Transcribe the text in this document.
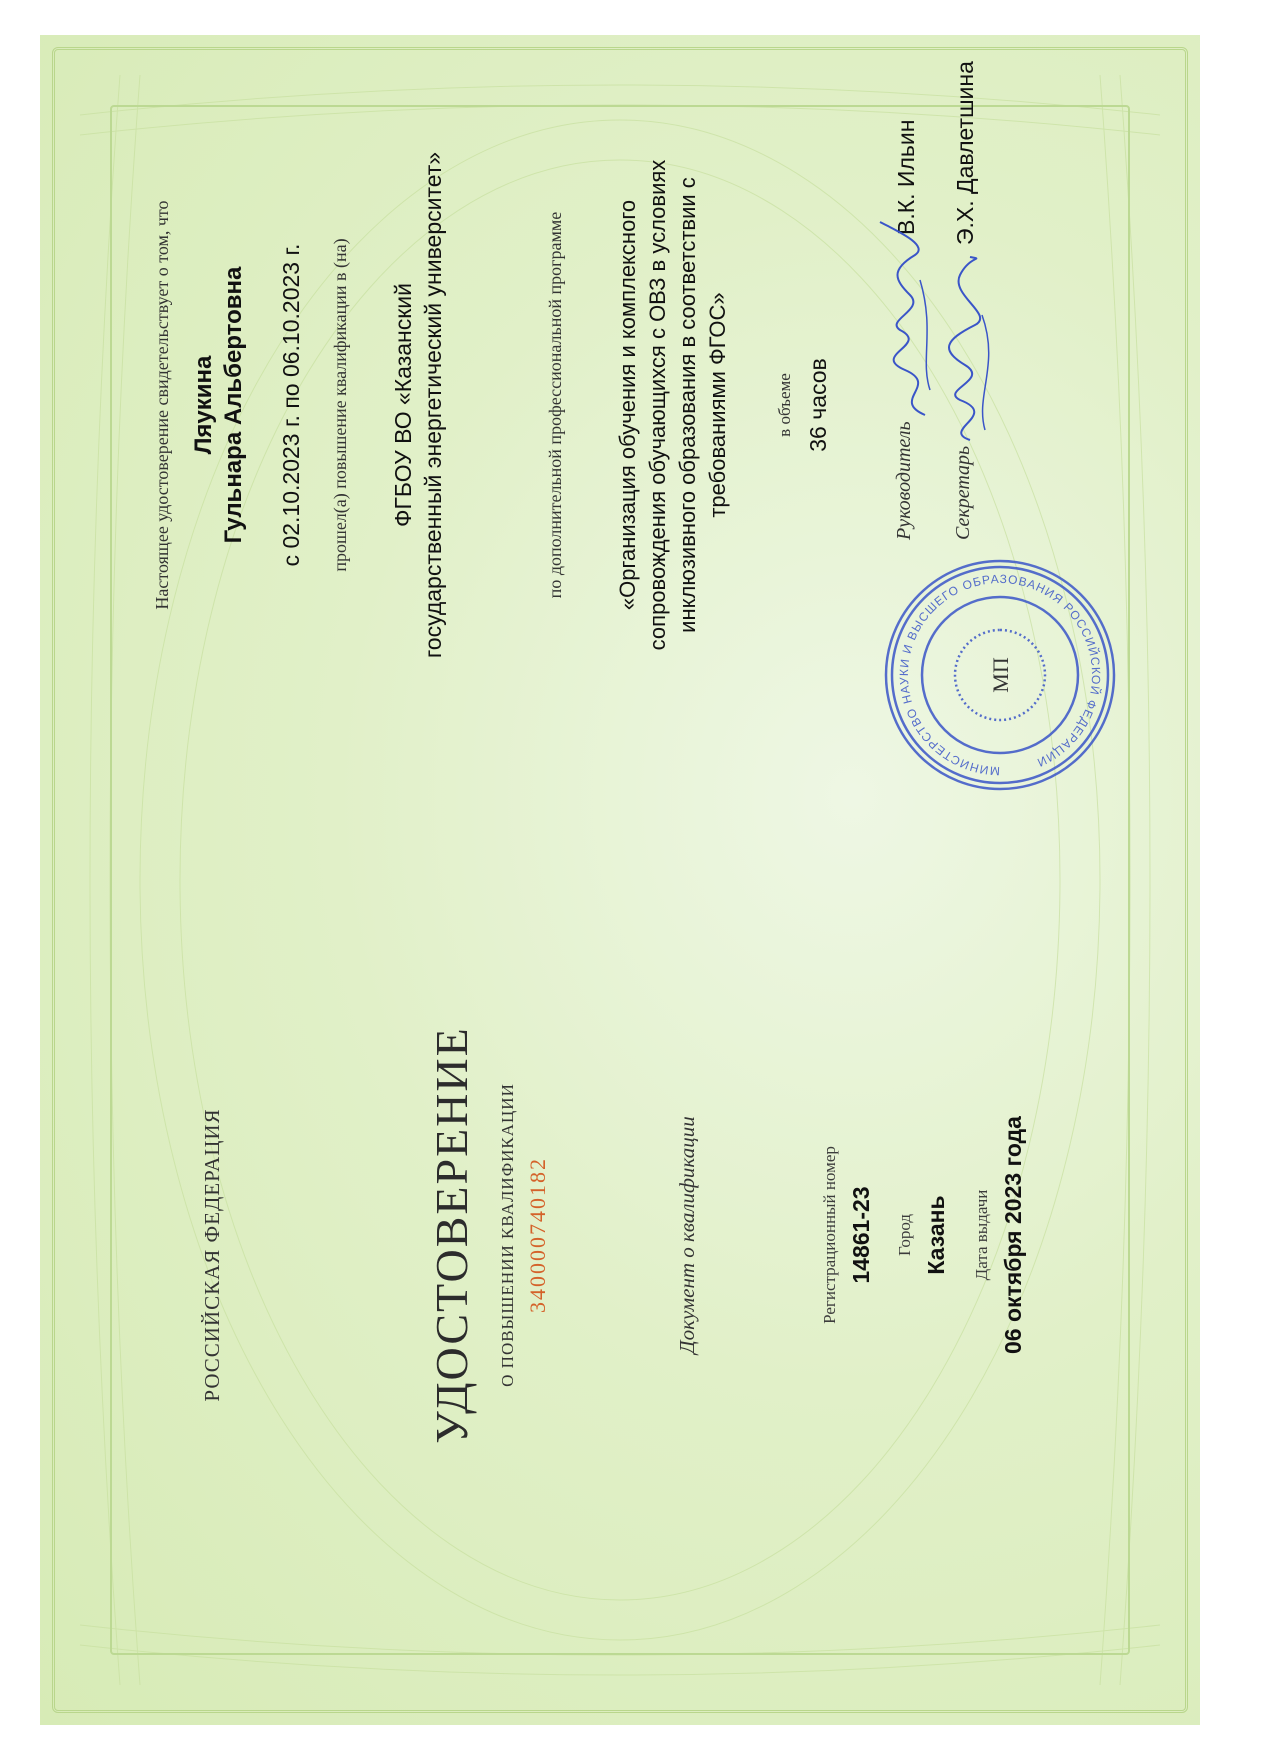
РОССИЙСКАЯ ФЕДЕРАЦИЯ	УДОСТОВЕРЕНИЕ О ПОВЫШЕНИИ КВАЛИФИКАЦИИ 340000740182	Документ о квалификации	Регистрационный номер 14861-23 Город Казань Дата выдачи 06 октября 2023 года
Настоящее удостоверение свидетельствует о том, что Ляукина Гульнара Альбертовна с 02.10.2023 г. по 06.10.2023 г. прошел(а) повышение квалификации в (на) ФГБОУ ВО «Казанский государственный энергетический университет»	по дополнительной профессиональной программе «Организация обучения и комплексного сопровождения обучающихся с ОВЗ в условиях инклюзивного образования в соответствии с требованиями ФГОС»	в объеме 36 часов
МИНИСТЕРСТВО НАУКИ И ВЫСШЕГО ОБРАЗОВАНИЯ РОССИЙСКОЙ ФЕДЕРАЦИИ
МП
Руководитель
В.К. Ильин
Секретарь
Э.Х. Давлетшина
